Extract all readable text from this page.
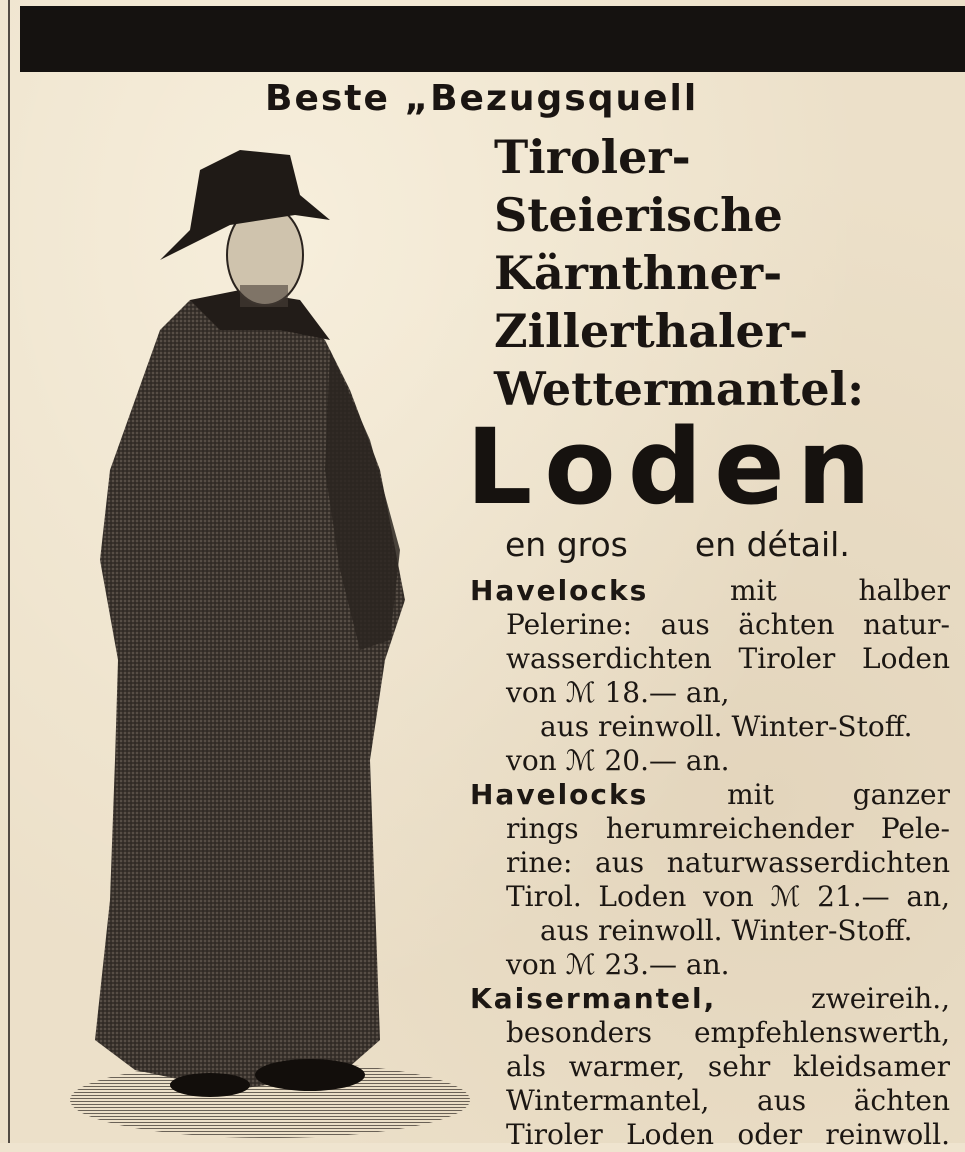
Beste „Bezugsquell
Tiroler-
Steierische
Kärnthner-
Zillerthaler-
Wettermantel:
Loden
en gros en détail.
Havelocks	mit halber
Pelerine: aus ächten natur-
wasserdichten Tiroler Loden
von ℳ 18.— an,
aus reinwoll. Winter-Stoff.
von ℳ 20.— an.
Havelocks	mit ganzer
rings herumreichender Pele-
rine: aus naturwasserdichten
Tirol. Loden von ℳ 21.— an,
aus reinwoll. Winter-Stoff.
von ℳ 23.— an.
Kaisermantel,	zweireih.,
besonders empfehlenswerth,
als warmer, sehr kleidsamer
Wintermantel, aus ächten
Tiroler Loden oder reinwoll.
